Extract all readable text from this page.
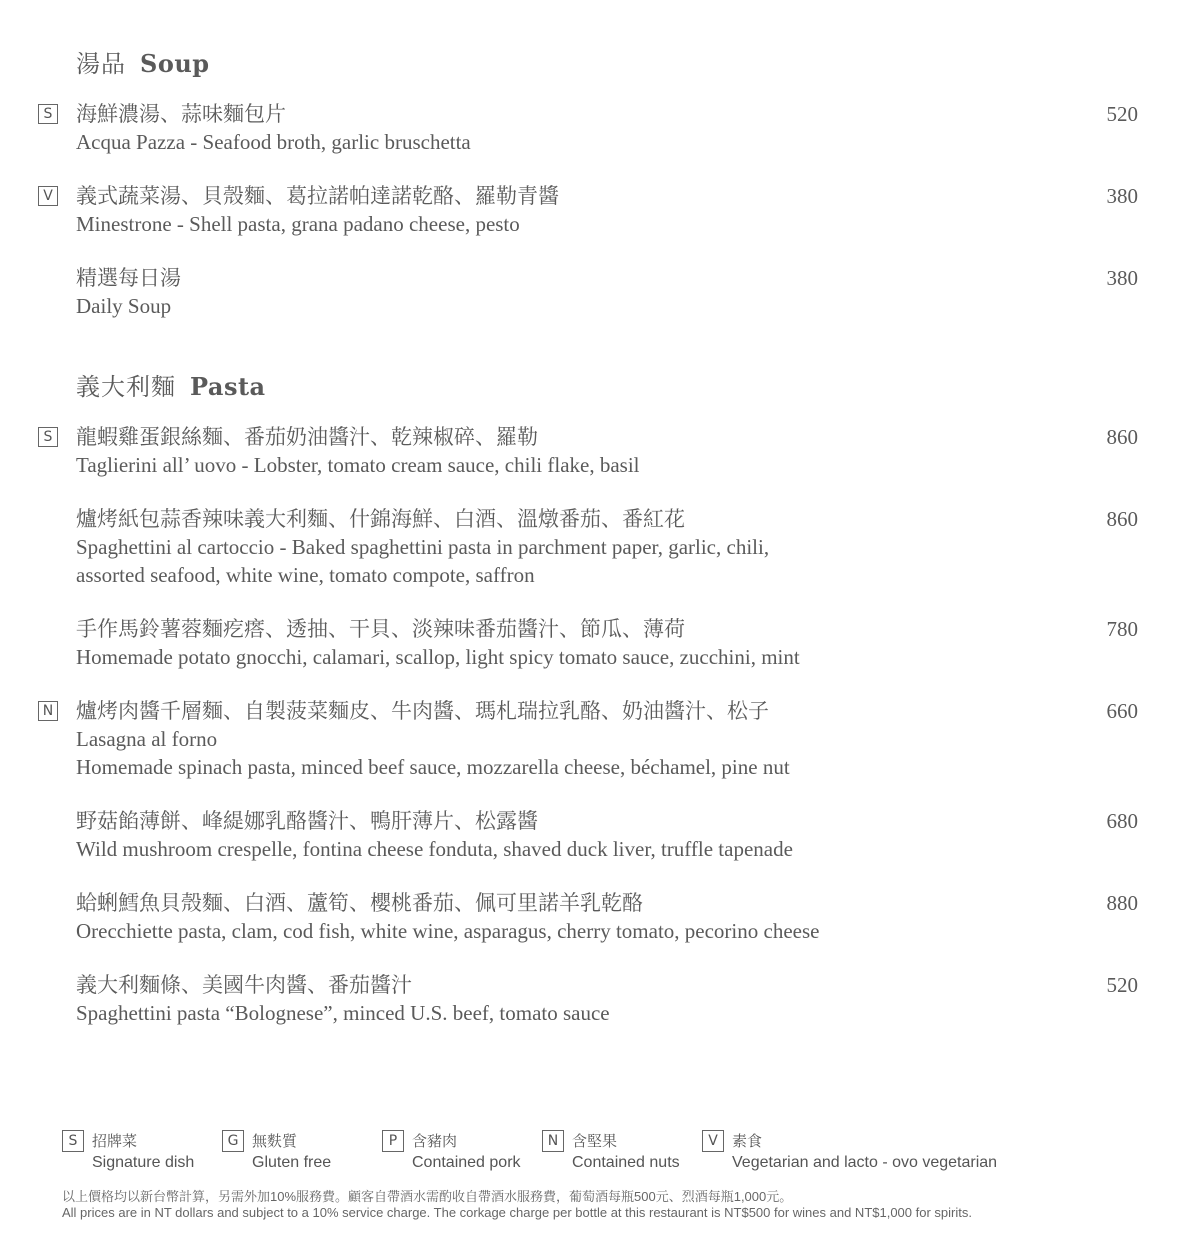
湯品 Soup
S 海鮮濃湯、蒜味麵包片
Acqua Pazza - Seafood broth, garlic bruschetta
520
V 義式蔬菜湯、貝殼麵、葛拉諾帕達諾乾酪、羅勒青醬
Minestrone - Shell pasta, grana padano cheese, pesto
380
精選每日湯
Daily Soup
380
義大利麵 Pasta
S 龍蝦雞蛋銀絲麵、番茄奶油醬汁、乾辣椒碎、羅勒
Taglierini all’ uovo - Lobster, tomato cream sauce, chili flake, basil
860
爐烤紙包蒜香辣味義大利麵、什錦海鮮、白酒、溫燉番茄、番紅花
Spaghettini al cartoccio - Baked spaghettini pasta in parchment paper, garlic, chili,
assorted seafood, white wine, tomato compote, saffron
860
手作馬鈴薯蓉麵疙瘩、透抽、干貝、淡辣味番茄醬汁、節瓜、薄荷
Homemade potato gnocchi, calamari, scallop, light spicy tomato sauce, zucchini, mint
780
N 爐烤肉醬千層麵、自製菠菜麵皮、牛肉醬、瑪札瑞拉乳酪、奶油醬汁、松子
Lasagna al forno
Homemade spinach pasta, minced beef sauce, mozzarella cheese, béchamel, pine nut
660
野菇餡薄餅、峰緹娜乳酪醬汁、鴨肝薄片、松露醬
Wild mushroom crespelle, fontina cheese fonduta, shaved duck liver, truffle tapenade
680
蛤蜊鱈魚貝殼麵、白酒、蘆筍、櫻桃番茄、佩可里諾羊乳乾酪
Orecchiette pasta, clam, cod fish, white wine, asparagus, cherry tomato, pecorino cheese
880
義大利麵條、美國牛肉醬、番茄醬汁
Spaghettini pasta “Bolognese”, minced U.S. beef, tomato sauce
520
S 招牌菜
Signature dish
G 無麩質
Gluten free
P 含豬肉
Contained pork
N 含堅果
Contained nuts
V 素食
Vegetarian and lacto - ovo vegetarian
以上價格均以新台幣計算，另需外加10%服務費。顧客自帶酒水需酌收自帶酒水服務費，葡萄酒每瓶500元、烈酒每瓶1,000元。
All prices are in NT dollars and subject to a 10% service charge. The corkage charge per bottle at this restaurant is NT$500 for wines and NT$1,000 for spirits.
